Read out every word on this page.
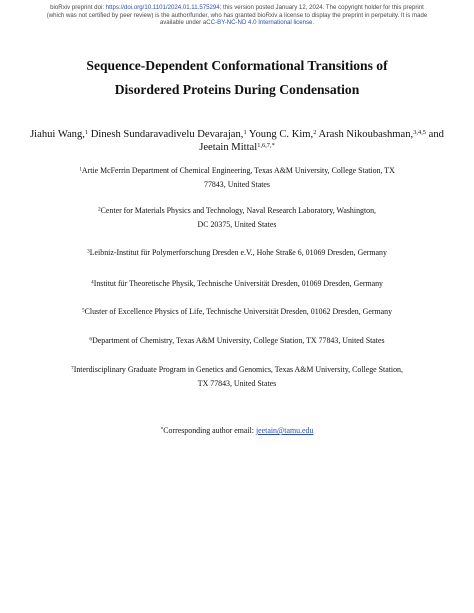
bioRxiv preprint doi: https://doi.org/10.1101/2024.01.11.575294; this version posted January 12, 2024. The copyright holder for this preprint
(which was not certified by peer review) is the author/funder, who has granted bioRxiv a license to display the preprint in perpetuity. It is made
available under aCC-BY-NC-ND 4.0 International license.
Sequence-Dependent Conformational Transitions of
Disordered Proteins During Condensation
Jiahui Wang,$^1$ Dinesh Sundaravadivelu Devarajan,$^1$ Young C. Kim,$^2$ Arash Nikoubashman,$^{3,4,5}$ and Jeetain Mittal$^{1,6,7,*}$
$^1$Artie McFerrin Department of Chemical Engineering, Texas A&M University, College Station, TX
77843, United States
$^2$Center for Materials Physics and Technology, Naval Research Laboratory, Washington,
DC 20375, United States
$^3$Leibniz-Institut für Polymerforschung Dresden e.V., Hohe Straße 6, 01069 Dresden, Germany
$^4$Institut für Theoretische Physik, Technische Universität Dresden, 01069 Dresden, Germany
$^5$Cluster of Excellence Physics of Life, Technische Universität Dresden, 01062 Dresden, Germany
$^6$Department of Chemistry, Texas A&M University, College Station, TX 77843, United States
$^7$Interdisciplinary Graduate Program in Genetics and Genomics, Texas A&M University, College Station,
TX 77843, United States
*Corresponding author email: jeetain@tamu.edu
